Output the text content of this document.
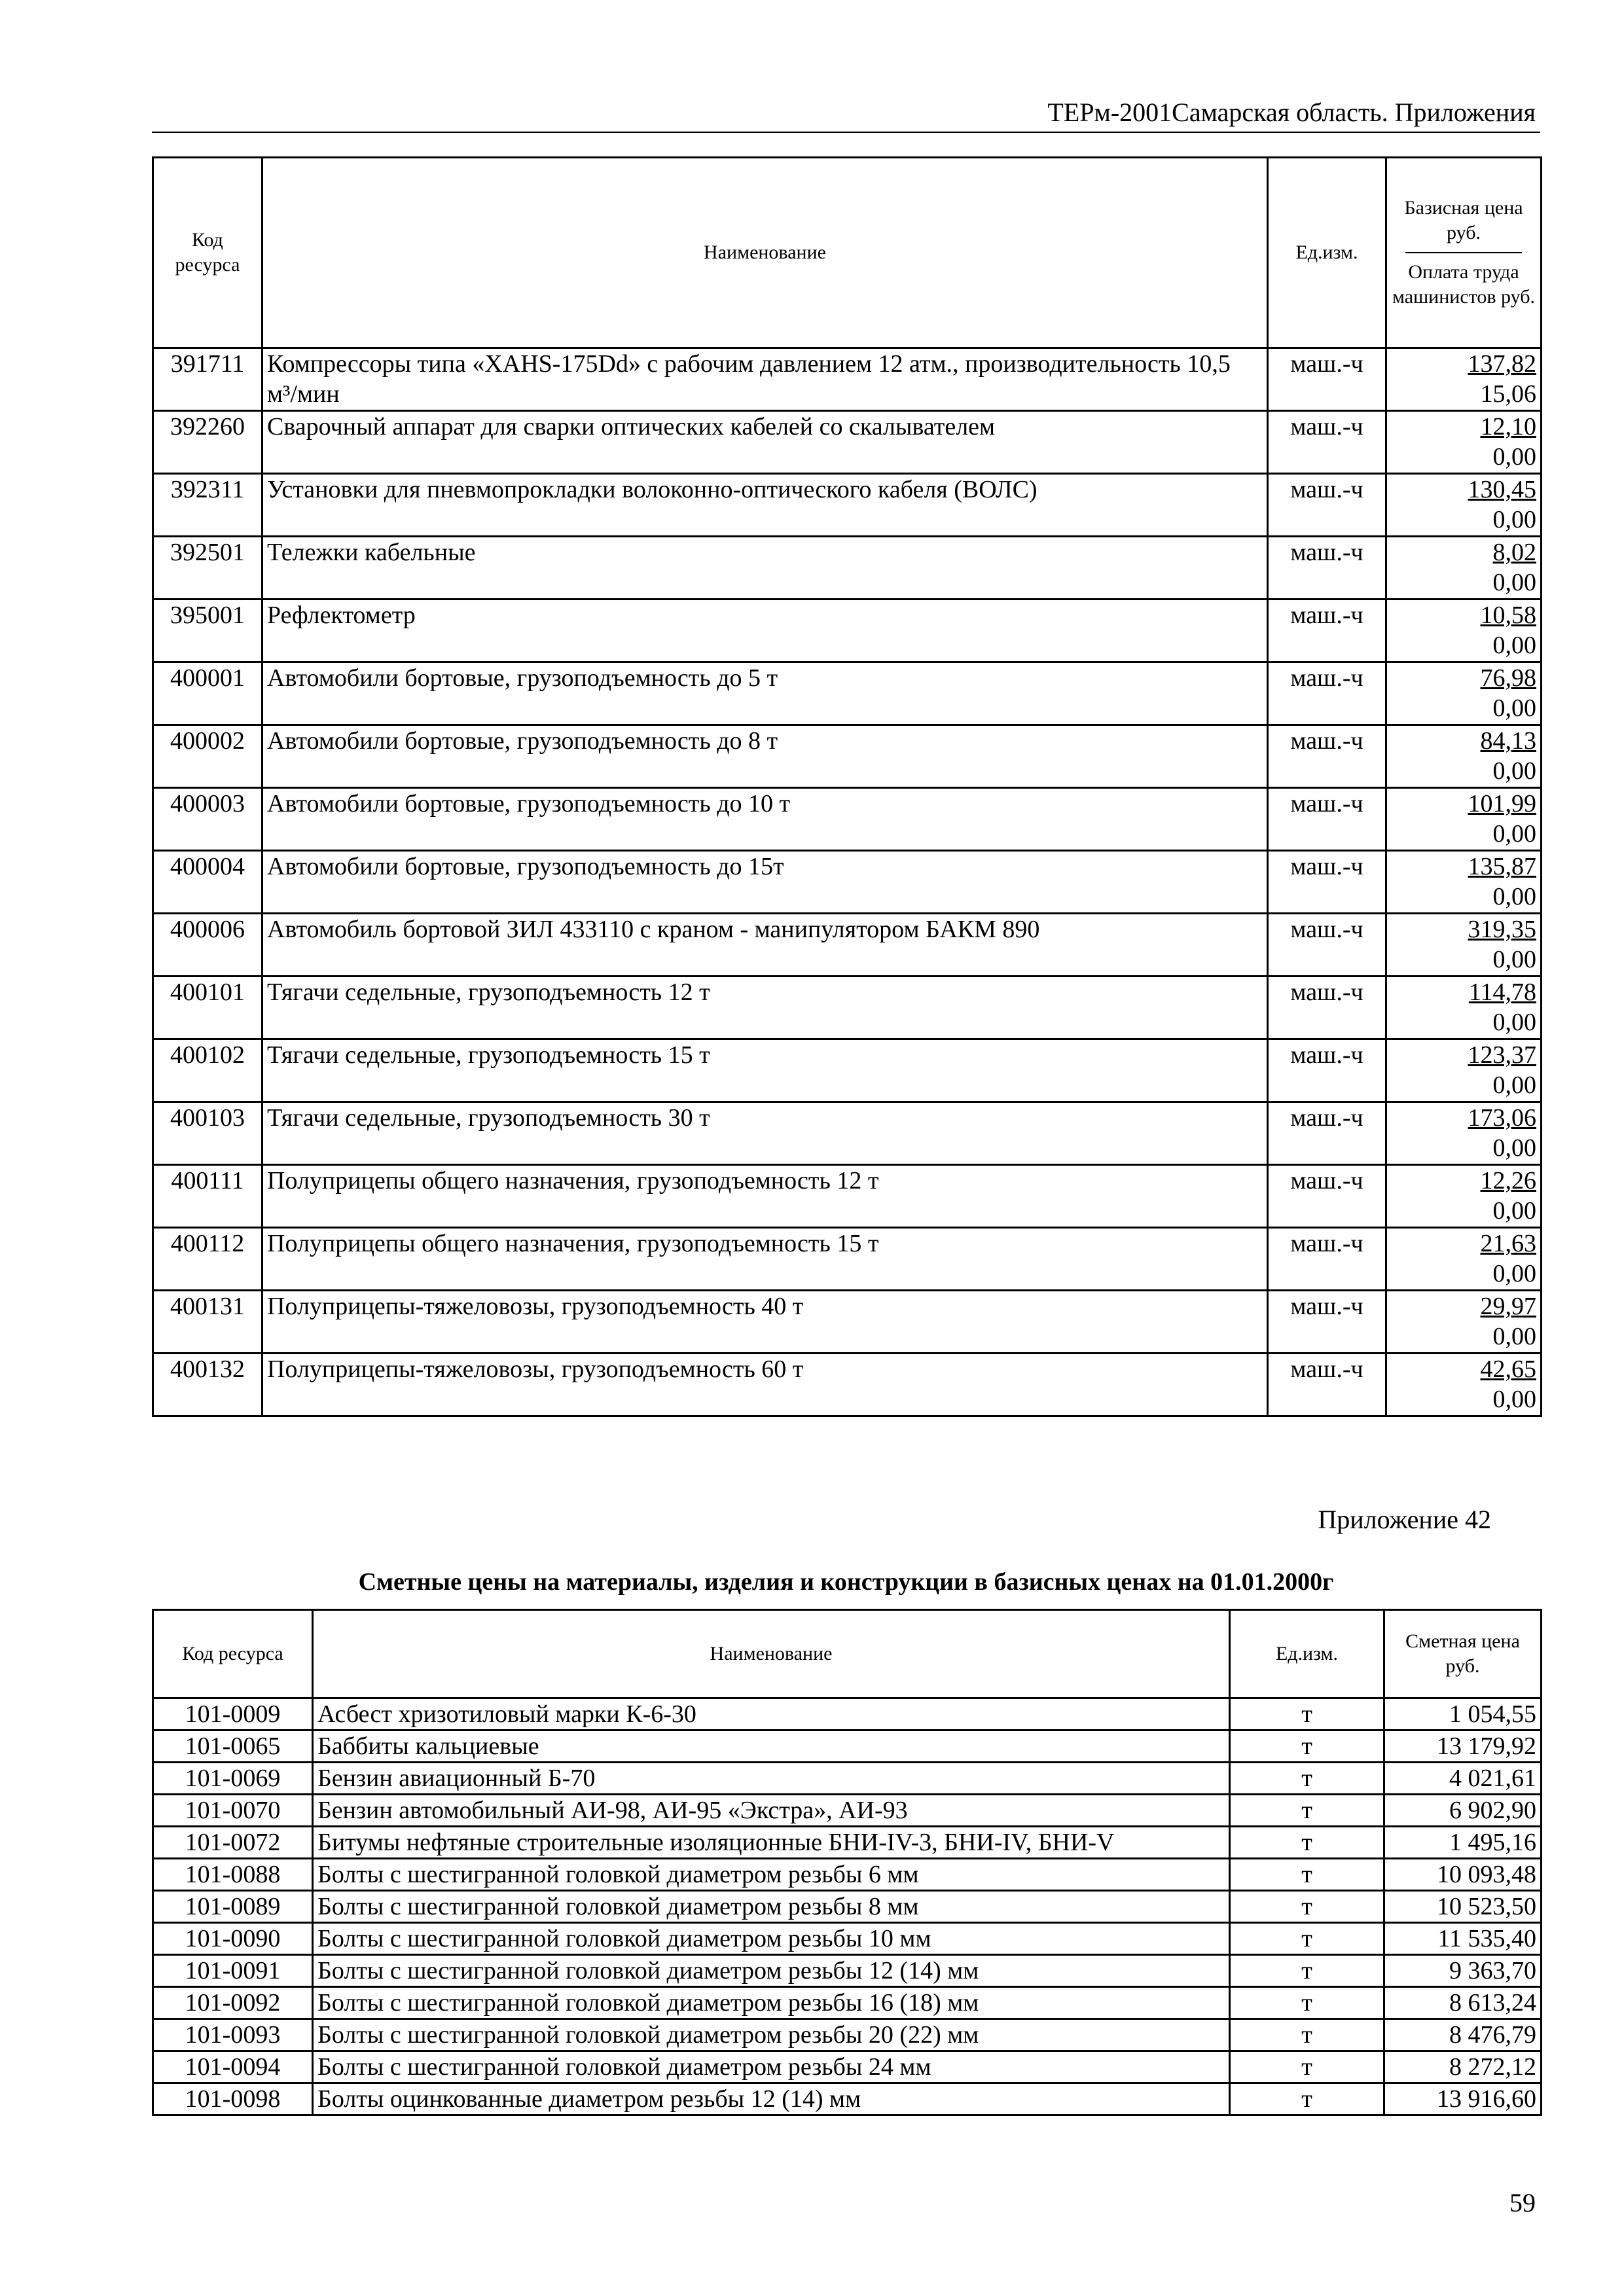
ТЕРм-2001Самарская область. Приложения
Код ресурса	Наименование	Ед.изм.	Базисная цена руб.
Оплата труда машинистов руб.

391711	Компрессоры типа «XAHS-175Dd» с рабочим давлением 12 атм., производительность 10,5 м³/мин	маш.-ч	137,82
15,06

392260	Сварочный аппарат для сварки оптических кабелей со скалывателем	маш.-ч	12,10
0,00

392311	Установки для пневмопрокладки волоконно-оптического кабеля (ВОЛС)	маш.-ч	130,45
0,00

392501	Тележки кабельные	маш.-ч	8,02
0,00

395001	Рефлектометр	маш.-ч	10,58
0,00

400001	Автомобили бортовые, грузоподъемность до 5 т	маш.-ч	76,98
0,00

400002	Автомобили бортовые, грузоподъемность до 8 т	маш.-ч	84,13
0,00

400003	Автомобили бортовые, грузоподъемность до 10 т	маш.-ч	101,99
0,00

400004	Автомобили бортовые, грузоподъемность до 15т	маш.-ч	135,87
0,00

400006	Автомобиль бортовой ЗИЛ 433110 с краном - манипулятором БАКМ 890	маш.-ч	319,35
0,00

400101	Тягачи седельные, грузоподъемность 12 т	маш.-ч	114,78
0,00

400102	Тягачи седельные, грузоподъемность 15 т	маш.-ч	123,37
0,00

400103	Тягачи седельные, грузоподъемность 30 т	маш.-ч	173,06
0,00

400111	Полуприцепы общего назначения, грузоподъемность 12 т	маш.-ч	12,26
0,00

400112	Полуприцепы общего назначения, грузоподъемность 15 т	маш.-ч	21,63
0,00

400131	Полуприцепы-тяжеловозы, грузоподъемность 40 т	маш.-ч	29,97
0,00

400132	Полуприцепы-тяжеловозы, грузоподъемность 60 т	маш.-ч	42,65
0,00
Приложение 42
Сметные цены на материалы, изделия и конструкции в базисных ценах на 01.01.2000г
Код ресурса	Наименование	Ед.изм.	Сметная цена руб.
101-0009	Асбест хризотиловый марки К-6-30	т	1 054,55
101-0065	Баббиты кальциевые	т	13 179,92
101-0069	Бензин авиационный Б-70	т	4 021,61
101-0070	Бензин автомобильный АИ-98, АИ-95 «Экстра», АИ-93	т	6 902,90
101-0072	Битумы нефтяные строительные изоляционные БНИ-IV-3, БНИ-IV, БНИ-V	т	1 495,16
101-0088	Болты с шестигранной головкой диаметром резьбы 6 мм	т	10 093,48
101-0089	Болты с шестигранной головкой диаметром резьбы 8 мм	т	10 523,50
101-0090	Болты с шестигранной головкой диаметром резьбы 10 мм	т	11 535,40
101-0091	Болты с шестигранной головкой диаметром резьбы 12 (14) мм	т	9 363,70
101-0092	Болты с шестигранной головкой диаметром резьбы 16 (18) мм	т	8 613,24
101-0093	Болты с шестигранной головкой диаметром резьбы 20 (22) мм	т	8 476,79
101-0094	Болты с шестигранной головкой диаметром резьбы 24 мм	т	8 272,12
101-0098	Болты оцинкованные диаметром резьбы 12 (14) мм	т	13 916,60
59
